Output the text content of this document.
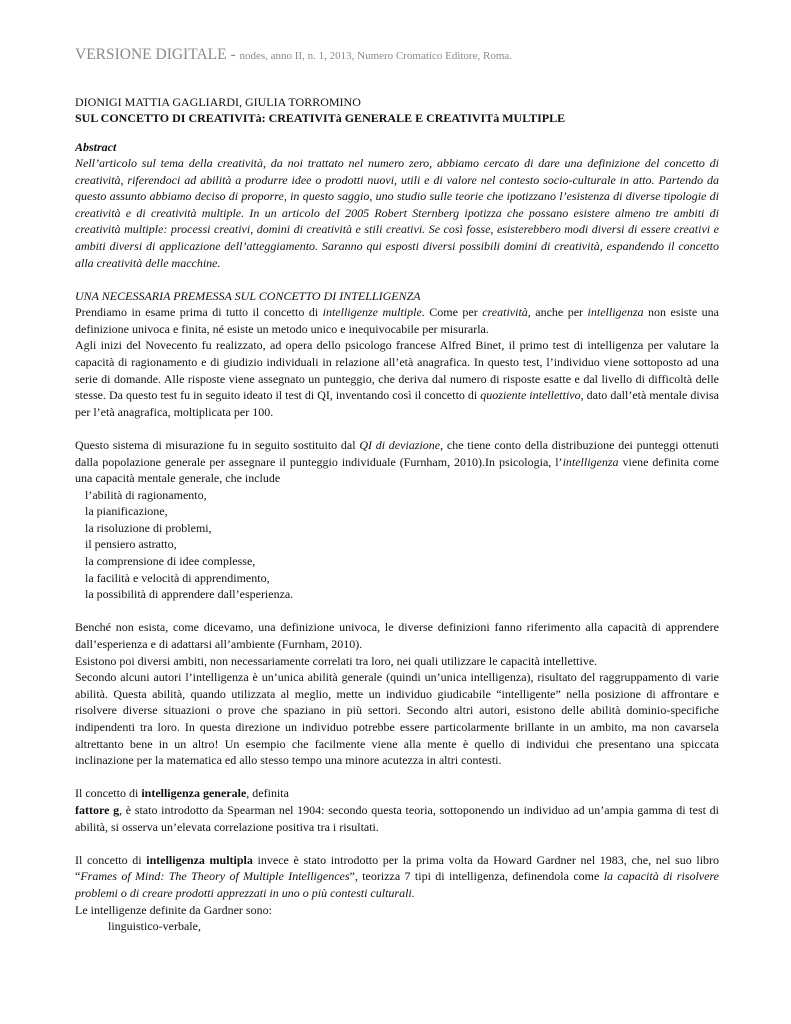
VERSIONE DIGITALE - nodes, anno II, n. 1, 2013, Numero Cromatico Editore, Roma.
DIONIGI MATTIA GAGLIARDI, GIULIA TORROMINO
SUL CONCETTO DI CREATIVITà: CREATIVITà GENERALE E CREATIVITà MULTIPLE
Abstract

Nell’articolo sul tema della creatività, da noi trattato nel numero zero, abbiamo cercato di dare una definizione del concetto di creatività, riferendoci ad abilità a produrre idee o prodotti nuovi, utili e di valore nel contesto socio-culturale in atto. Partendo da questo assunto abbiamo deciso di proporre, in questo saggio, uno studio sulle teorie che ipotizzano l’esistenza di diverse tipologie di creatività e di creatività multiple. In un articolo del 2005 Robert Sternberg ipotizza che possano esistere almeno tre ambiti di creatività multiple: processi creativi, domini di creatività e stili creativi. Se così fosse, esisterebbero modi diversi di essere creativi e ambiti diversi di applicazione dell’atteggiamento. Saranno qui esposti diversi possibili domini di creatività, espandendo il concetto alla creatività delle macchine.

UNA NECESSARIA PREMESSA SUL CONCETTO DI INTELLIGENZA

Prendiamo in esame prima di tutto il concetto di intelligenze multiple. Come per creatività, anche per intelligenza non esiste una definizione univoca e finita, né esiste un metodo unico e inequivocabile per misurarla.

Agli inizi del Novecento fu realizzato, ad opera dello psicologo francese Alfred Binet, il primo test di intelligenza per valutare la capacità di ragionamento e di giudizio individuali in relazione all’età anagrafica. In questo test, l’individuo viene sottoposto ad una serie di domande. Alle risposte viene assegnato un punteggio, che deriva dal numero di risposte esatte e dal livello di difficoltà delle stesse. Da questo test fu in seguito ideato il test di QI, inventando così il concetto di quoziente intellettivo, dato dall’età mentale divisa per l’età anagrafica, moltiplicata per 100.

Questo sistema di misurazione fu in seguito sostituito dal QI di deviazione, che tiene conto della distribuzione dei punteggi ottenuti dalla popolazione generale per assegnare il punteggio individuale (Furnham, 2010).In psicologia, l’intelligenza viene definita come una capacità mentale generale, che include

l’abilità di ragionamento,
la pianificazione,
la risoluzione di problemi,
il pensiero astratto,
la comprensione di idee complesse,
la facilità e velocità di apprendimento,
la possibilità di apprendere dall’esperienza.

Benché non esista, come dicevamo, una definizione univoca, le diverse definizioni fanno riferimento alla capacità di apprendere dall’esperienza e di adattarsi all’ambiente (Furnham, 2010).

Esistono poi diversi ambiti, non necessariamente correlati tra loro, nei quali utilizzare le capacità intellettive.

Secondo alcuni autori l’intelligenza è un’unica abilità generale (quindi un’unica intelligenza), risultato del raggruppamento di varie abilità. Questa abilità, quando utilizzata al meglio, mette un individuo giudicabile “intelligente” nella posizione di affrontare e risolvere diverse situazioni o prove che spaziano in più settori. Secondo altri autori, esistono delle abilità dominio-specifiche indipendenti tra loro. In questa direzione un individuo potrebbe essere particolarmente brillante in un ambito, ma non cavarsela altrettanto bene in un altro! Un esempio che facilmente viene alla mente è quello di individui che presentano una spiccata inclinazione per la matematica ed allo stesso tempo una minore acutezza in altri contesti.

Il concetto di intelligenza generale, definita

fattore g, è stato introdotto da Spearman nel 1904: secondo questa teoria, sottoponendo un individuo ad un’ampia gamma di test di abilità, si osserva un’elevata correlazione positiva tra i risultati.

Il concetto di intelligenza multipla invece è stato introdotto per la prima volta da Howard Gardner nel 1983, che, nel suo libro “Frames of Mind: The Theory of Multiple Intelligences”, teorizza 7 tipi di intelligenza, definendola come la capacità di risolvere problemi o di creare prodotti apprezzati in uno o più contesti culturali.

Le intelligenze definite da Gardner sono:

linguistico-verbale,
